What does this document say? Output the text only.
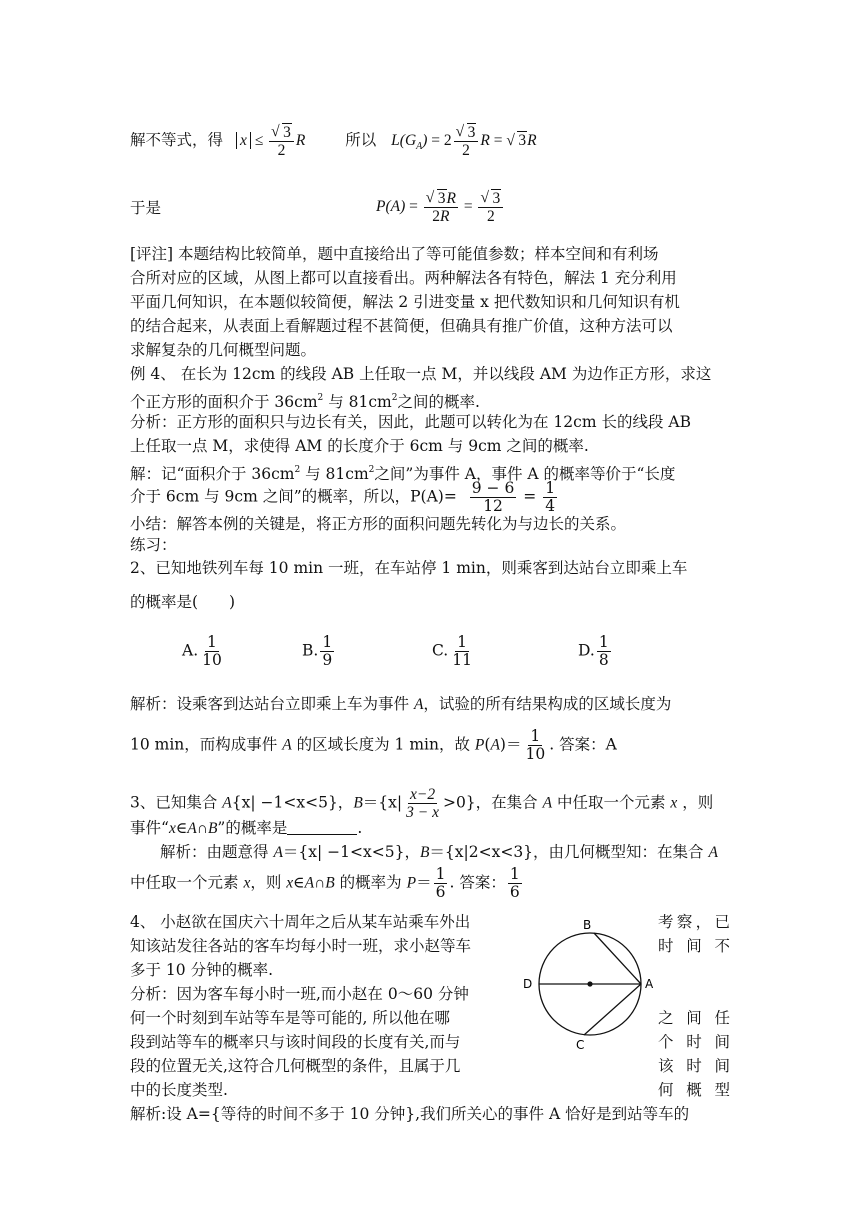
解不等式，得 x ≤ √ $\frac{3}{2}$ R 所以 $L(G_A) = 2$ √ $\frac{3}{2}$ R = √ 3R
于是	P(A) = √ $\frac{3R}{2R}$ = √ $\frac{3}{2}$
[评注] 本题结构比较简单，题中直接给出了等可能值参数；样本空间和有利场
合所对应的区域，从图上都可以直接看出。两种解法各有特色，解法 1 充分利用
平面几何知识，在本题似较简便，解法 2 引进变量 x 把代数知识和几何知识有机
的结合起来，从表面上看解题过程不甚简便，但确具有推广价值，这种方法可以
求解复杂的几何概型问题。
例 4、 在长为 12cm 的线段 AB 上任取一点 M，并以线段 AM 为边作正方形，求这
个正方形的面积介于 $36cm^2$ 与 $81cm^2$之间的概率.
分析：正方形的面积只与边长有关，因此，此题可以转化为在 12cm 长的线段 AB
上任取一点 M，求使得 AM 的长度介于 6cm 与 9cm 之间的概率.
解：记“面积介于 $36cm^2$ 与 $81cm^2$之间”为事件 A，事件 A 的概率等价于“长度
介于 6cm 与 9cm 之间”的概率，所以，$P(A)= \frac{9 - 6}{12} = \frac{1}{4}$
小结：解答本例的关键是，将正方形的面积问题先转化为与边长的关系。
练习：
2、已知地铁列车每 10 min 一班，在车站停 1 min，则乘客到达站台立即乘上车
的概率是(　　)
A. $\frac{1}{10}$	B. $\frac{1}{9}$	C. $\frac{1}{11}$	D. $\frac{1}{8}$
解析：设乘客到达站台立即乘上车为事件 A，试验的所有结果构成的区域长度为
10 min，而构成事件 A 的区域长度为 1 min，故 $P(A)= \frac{1}{10}$ . 答案：A
3、已知集合 A{x| −1<x<5}，$B=\{x| \frac{x-2}{3 - x} >0\}$，在集合 A 中任取一个元素 x ，则
事件“x∈A∩B”的概率是	.
解析：由题意得 A＝{x| −1<x<5}，B＝{x|2<x<3}，由几何概型知：在集合 A
中任取一个元素 x，则 x∈A∩B 的概率为 $P= \frac{1}{6}$ . 答案： $\frac{1}{6}$
4、 小赵欲在国庆六十周年之后从某车站乘车外出
知该站发往各站的客车均每小时一班，求小赵等车
多于 10 分钟的概率.
分析：因为客车每小时一班,而小赵在 0～60 分钟
何一个时刻到车站等车是等可能的, 所以他在哪
段到站等车的概率只与该时间段的长度有关,而与
段的位置无关,这符合几何概型的条件，且属于几
中的长度类型.
考察，已
时 间 不
之 间 任
个 时 间
该 时 间
何 概 型
B
C
D	A
解析:设 A={等待的时间不多于 10 分钟},我们所关心的事件 A 恰好是到站等车的
